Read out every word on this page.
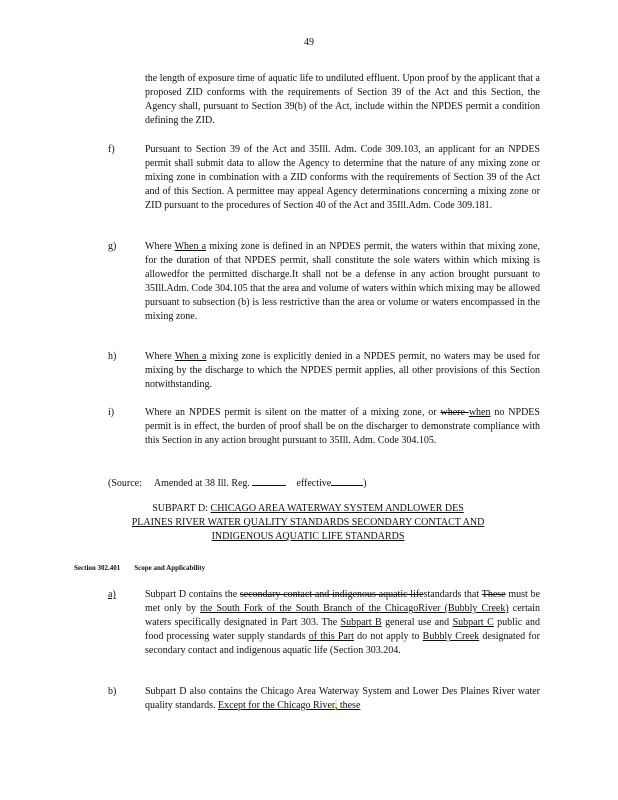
49

the length of exposure time of aquatic life to undiluted effluent. Upon proof by the applicant that a proposed ZID conforms with the requirements of Section 39 of the Act and this Section, the Agency shall, pursuant to Section 39(b) of the Act, include within the NPDES permit a condition defining the ZID.

f)	Pursuant to Section 39 of the Act and 35Ill. Adm. Code 309.103, an applicant for an NPDES permit shall submit data to allow the Agency to determine that the nature of any mixing zone or mixing zone in combination with a ZID conforms with the requirements of Section 39 of the Act and of this Section. A permittee may appeal Agency determinations concerning a mixing zone or ZID pursuant to the procedures of Section 40 of the Act and 35Ill.Adm. Code 309.181.

g)	Where When a mixing zone is defined in an NPDES permit, the waters within that mixing zone, for the duration of that NPDES permit, shall constitute the sole waters within which mixing is allowedfor the permitted discharge.It shall not be a defense in any action brought pursuant to 35Ill.Adm. Code 304.105 that the area and volume of waters within which mixing may be allowed pursuant to subsection (b) is less restrictive than the area or volume or waters encompassed in the mixing zone.

h)	Where When a mixing zone is explicitly denied in a NPDES permit, no waters may be used for mixing by the discharge to which the NPDES permit applies, all other provisions of this Section notwithstanding.

i)	Where an NPDES permit is silent on the matter of a mixing zone, or where when no NPDES permit is in effect, the burden of proof shall be on the discharger to demonstrate compliance with this Section in any action brought pursuant to 35Ill. Adm. Code 304.105.

(Source: Amended at 38 Ill. Reg.	effective	)
SUBPART D: CHICAGO AREA WATERWAY SYSTEM ANDLOWER DES
PLAINES RIVER WATER QUALITY STANDARDS SECONDARY CONTACT AND
INDIGENOUS AQUATIC LIFE STANDARDS
Section 302.401 Scope and Applicability
a)	Subpart D contains the secondary contact and indigenous aquatic lifestandards that These must be met only by the South Fork of the South Branch of the ChicagoRiver (Bubbly Creek) certain waters specifically designated in Part 303. The Subpart B general use and Subpart C public and food processing water supply standards of this Part do not apply to Bubbly Creek designated for secondary contact and indigenous aquatic life (Section 303.204.

b)	Subpart D also contains the Chicago Area Waterway System and Lower Des Plaines River water quality standards. Except for the Chicago River, these
